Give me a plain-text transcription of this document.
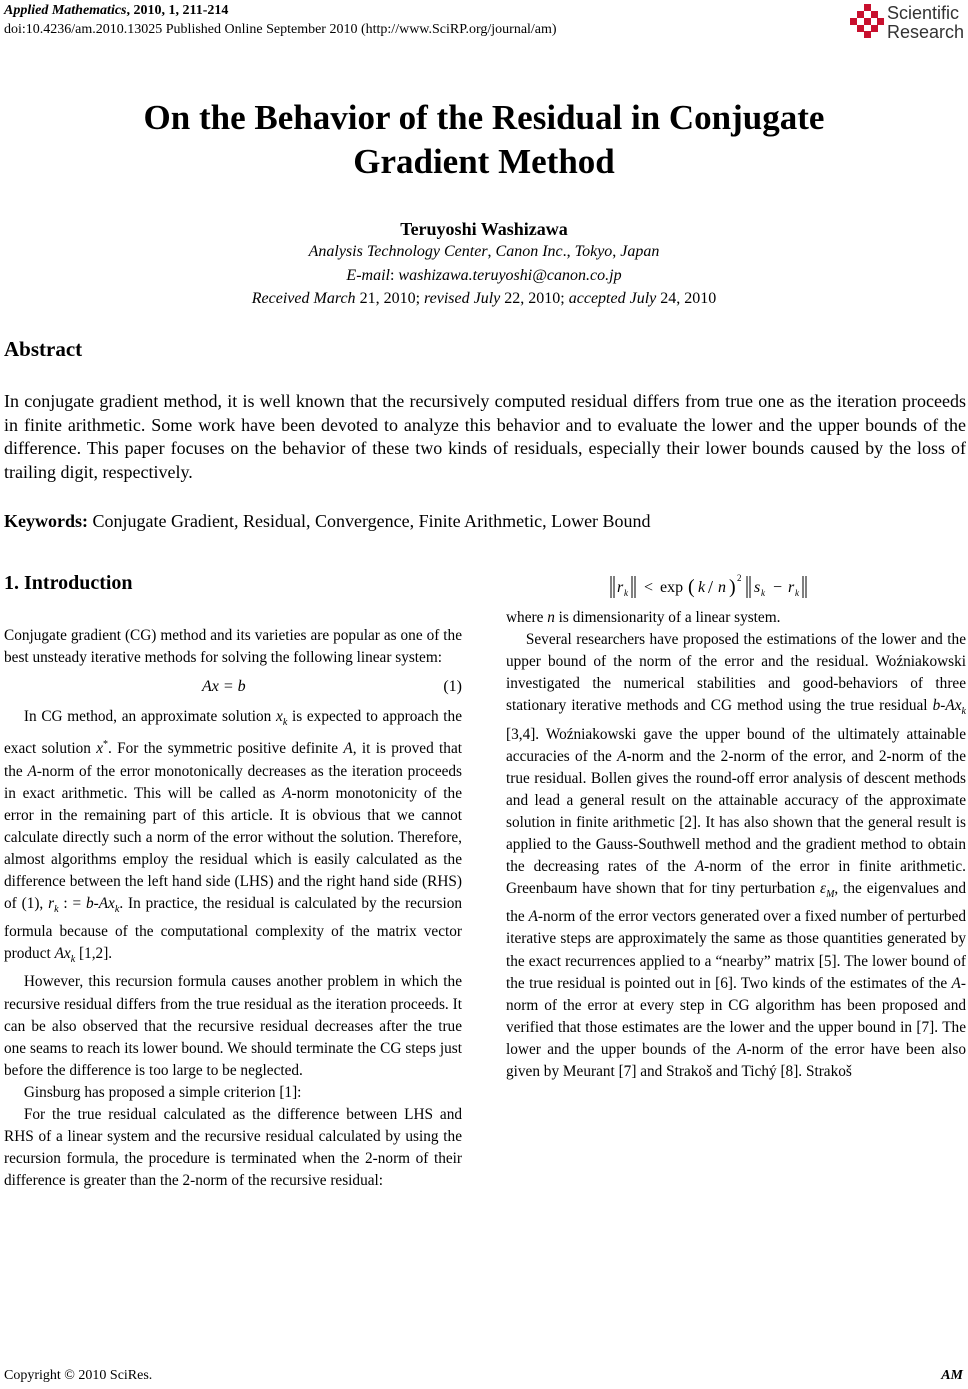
Applied Mathematics, 2010, 1, 211-214
doi:10.4236/am.2010.13025 Published Online September 2010 (http://www.SciRP.org/journal/am)
Scientific
Research
On the Behavior of the Residual in Conjugate
Gradient Method
Teruyoshi Washizawa
Analysis Technology Center, Canon Inc., Tokyo, Japan
E-mail: washizawa.teruyoshi@canon.co.jp
Received March 21, 2010; revised July 22, 2010; accepted July 24, 2010
Abstract
In conjugate gradient method, it is well known that the recursively computed residual differs from true one as the iteration proceeds in finite arithmetic. Some work have been devoted to analyze this behavior and to evaluate the lower and the upper bounds of the difference. This paper focuses on the behavior of these two kinds of residuals, especially their lower bounds caused by the loss of trailing digit, respectively.
Keywords: Conjugate Gradient, Residual, Convergence, Finite Arithmetic, Lower Bound
1. Introduction

Conjugate gradient (CG) method and its varieties are popular as one of the best unsteady iterative methods for solving the following linear system:

Ax = b	(1)

In CG method, an approximate solution $x_k$ is expected to approach the exact solution x*. For the symmetric positive definite A, it is proved that the A-norm of the error monotonically decreases as the iteration proceeds in exact arithmetic. This will be called as A-norm monotonicity of the error in the remaining part of this article. It is obvious that we cannot calculate directly such a norm of the error without the solution. Therefore, almost algorithms employ the residual which is easily calculated as the difference between the left hand side (LHS) and the right hand side (RHS) of (1), $r_k$ : = $b-Ax_k$. In practice, the residual is calculated by the recursion formula because of the computational complexity of the matrix vector product $Ax_k$ [1,2].

However, this recursion formula causes another problem in which the recursive residual differs from the true residual as the iteration proceeds. It can be also observed that the recursive residual decreases after the true one seams to reach its lower bound. We should terminate the CG steps just before the difference is too large to be neglected.

Ginsburg has proposed a simple criterion [1]:

For the true residual calculated as the difference between LHS and RHS of a linear system and the recursive residual calculated by using the recursion formula, the procedure is terminated when the 2-norm of their difference is greater than the 2-norm of the recursive residual:

r k < exp ( k / n ) 2
s k − r k

where n is dimensionarity of a linear system.

Several researchers have proposed the estimations of the lower and the upper bound of the norm of the error and the residual. Woźniakowski investigated the numerical stabilities and good-behaviors of three stationary iterative methods and CG method using the true residual $b-Ax_k$ [3,4]. Woźniakowski gave the upper bound of the ultimately attainable accuracies of the A-norm and the 2-norm of the error, and 2-norm of the true residual. Bollen gives the round-off error analysis of descent methods and lead a general result on the attainable accuracy of the approximate solution in finite arithmetic [2]. It has also shown that the general result is applied to the Gauss-Southwell method and the gradient method to obtain the decreasing rates of the A-norm of the error in finite arithmetic. Greenbaum have shown that for tiny perturbation $\varepsilon_M$, the eigenvalues and the A-norm of the error vectors generated over a fixed number of perturbed iterative steps are approximately the same as those quantities generated by the exact recurrences applied to a “nearby” matrix [5]. The lower bound of the true residual is pointed out in [6]. Two kinds of the estimates of the A-norm of the error at every step in CG algorithm has been proposed and verified that those estimates are the lower and the upper bound in [7]. The lower and the upper bounds of the A-norm of the error have been also given by Meurant [7] and Strakoš and Tichý [8]. Strakoš

Copyright © 2010 SciRes.	AM
